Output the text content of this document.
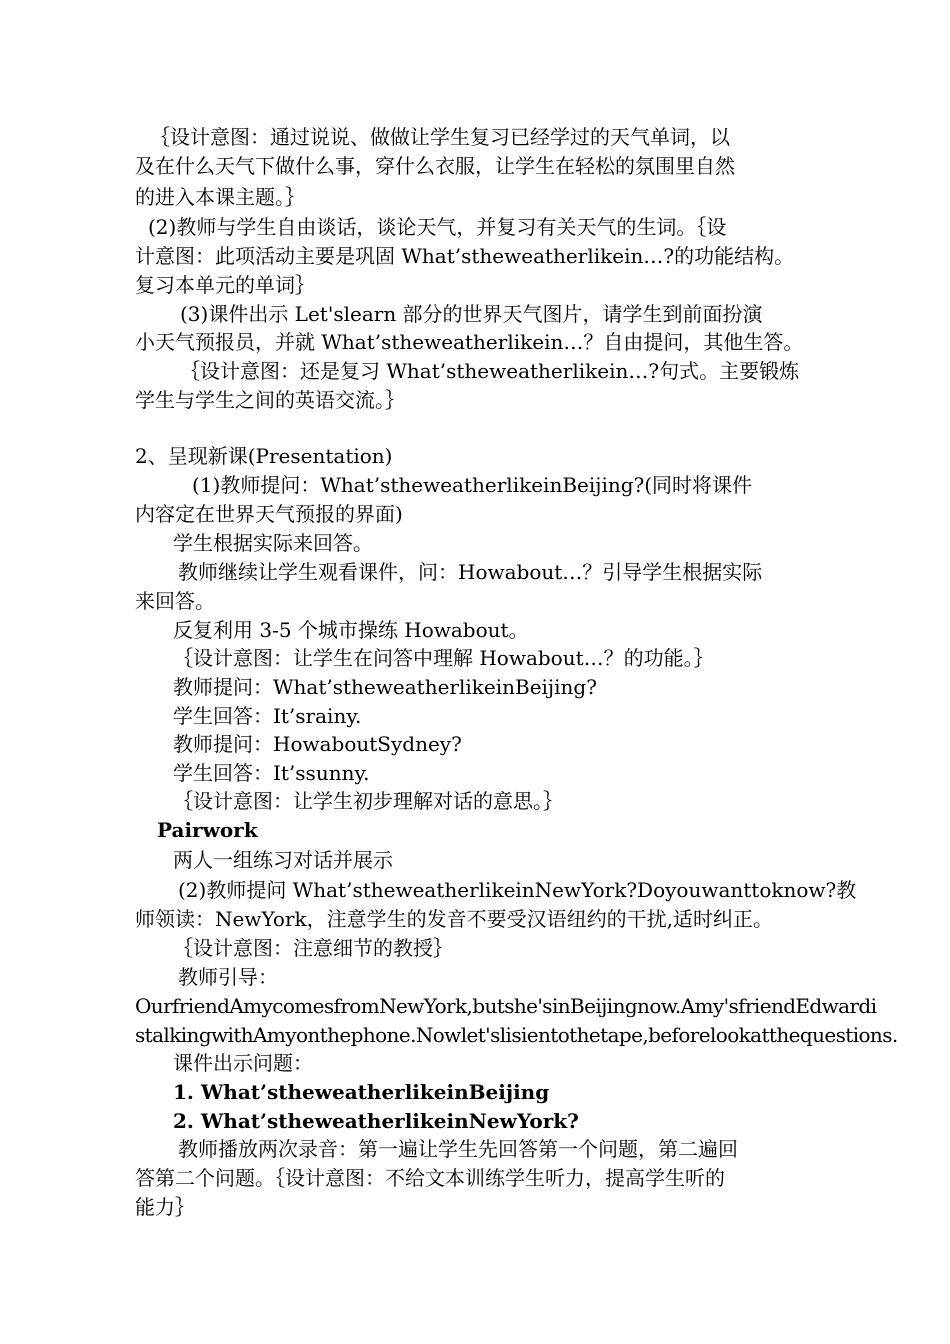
｛设计意图：通过说说、做做让学生复习已经学过的天气单词，以
及在什么天气下做什么事，穿什么衣服，让学生在轻松的氛围里自然
的进入本课主题。｝
(2)教师与学生自由谈话，谈论天气，并复习有关天气的生词。｛设
计意图：此项活动主要是巩固 What’stheweatherlikein…?的功能结构。
复习本单元的单词｝
(3)课件出示 Let'slearn 部分的世界天气图片，请学生到前面扮演
小天气预报员，并就 What’stheweatherlikein…？自由提问，其他生答。
｛设计意图：还是复习 What’stheweatherlikein…?句式。主要锻炼
学生与学生之间的英语交流。｝
2、呈现新课(Presentation)
(1)教师提问：What’stheweatherlikeinBeijing?(同时将课件
内容定在世界天气预报的界面)
学生根据实际来回答。
教师继续让学生观看课件，问：Howabout…？引导学生根据实际
来回答。
反复利用 3-5 个城市操练 Howabout。
｛设计意图：让学生在问答中理解 Howabout…？的功能。｝
教师提问：What’stheweatherlikeinBeijing?
学生回答：It’srainy.
教师提问：HowaboutSydney?
学生回答：It’ssunny.
｛设计意图：让学生初步理解对话的意思。｝
Pairwork
两人一组练习对话并展示
(2)教师提问 What’stheweatherlikeinNewYork?Doyouwanttoknow?教
师领读：NewYork，注意学生的发音不要受汉语纽约的干扰,适时纠正。
｛设计意图：注意细节的教授｝
教师引导：
OurfriendAmycomesfromNewYork,butshe'sinBeijingnow.Amy'sfriendEdwardi
stalkingwithAmyonthephone.Nowlet'slisientothetape,beforelookatthequestions.
课件出示问题：
1. What’stheweatherlikeinBeijing
2. What’stheweatherlikeinNewYork?
教师播放两次录音：第一遍让学生先回答第一个问题，第二遍回
答第二个问题。｛设计意图：不给文本训练学生听力，提高学生听的
能力｝
